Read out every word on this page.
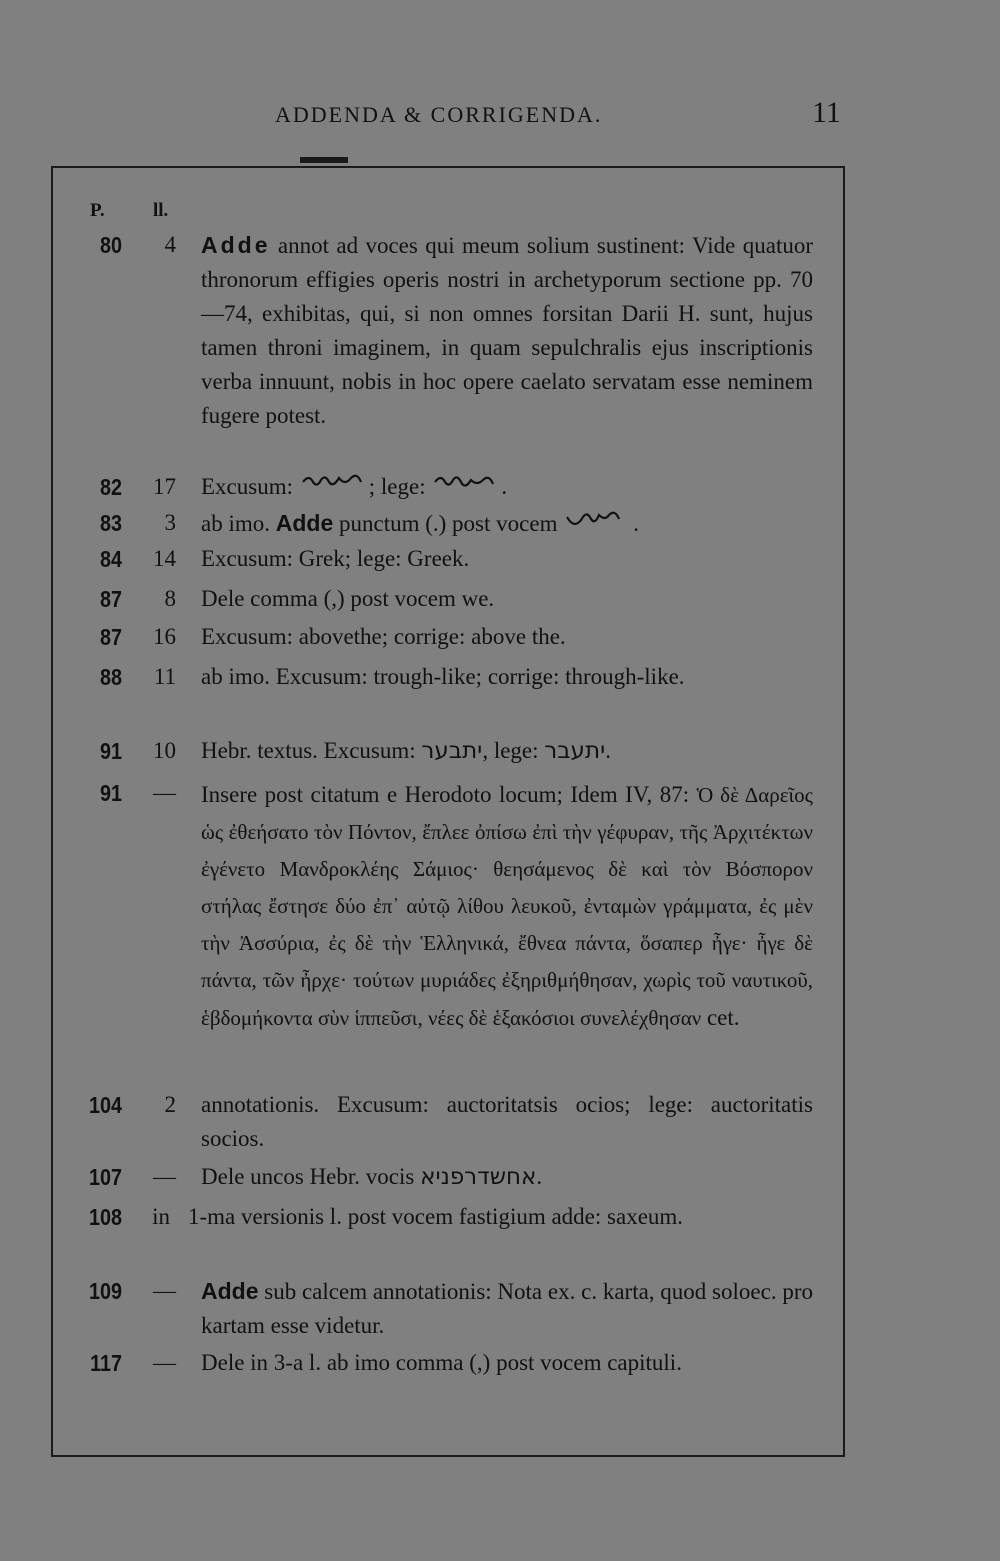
ADDENDA & CORRIGENDA.	11
P.	ll.
80	4 Adde annot ad voces qui meum solium sustinent: Vide quatuor thronorum effigies operis nostri in archetyporum sectione pp. 70—74, exhibitas, qui, si non omnes forsitan Darii H. sunt, hujus tamen throni imaginem, in quam sepulchralis ejus inscriptionis verba innuunt, nobis in hoc opere caelato servatam esse neminem fugere potest.
82	17 Excusum:	; lege:	.
83	3 ab imo. Adde punctum (.) post vocem	.
84	14 Excusum: Grek; lege: Greek.
87	8 Dele comma (,) post vocem we.
87	16 Excusum: abovethe; corrige: above the.
88	11 ab imo. Excusum: trough-like; corrige: through-like.
91	10 Hebr. textus. Excusum: יתבער, lege: יתעבר.
91	— Insere post citatum e Herodoto locum; Idem IV, 87: Ὁ δὲ Δαρεῖος ὡς ἐθεήσατο τὸν Πόντον, ἔπλεε ὀπίσω ἐπὶ τὴν γέφυραν, τῆς Ἀρχιτέκτων ἐγένετο Μανδροκλέης Σάμιος· θεησάμενος δὲ καὶ τὸν Βόσπορον στήλας ἔστησε δύο ἐπ᾽ αὐτῷ λίθου λευκοῦ, ἐνταμὼν γράμματα, ἐς μὲν τὴν Ἀσσύρια, ἐς δὲ τὴν Ἑλληνικά, ἔθνεα πάντα, ὅσαπερ ἦγε· ἦγε δὲ πάντα, τῶν ἦρχε· τούτων μυριάδες ἐξηριθμήθησαν, χωρὶς τοῦ ναυτικοῦ, ἑβδομήκοντα σὺν ἱππεῦσι, νέες δὲ ἑξακόσιοι συνελέχθησαν cet.
104	2 annotationis. Excusum: auctoritatsis ocios; lege: auctoritatis socios.
107	— Dele uncos Hebr. vocis אחשדרפניא.
108	in 1-ma versionis l. post vocem fastigium adde: saxeum.
109	— Adde sub calcem annotationis: Nota ex. c. karta, quod soloec. pro kartam esse videtur.
117	— Dele in 3-a l. ab imo comma (,) post vocem capituli.
